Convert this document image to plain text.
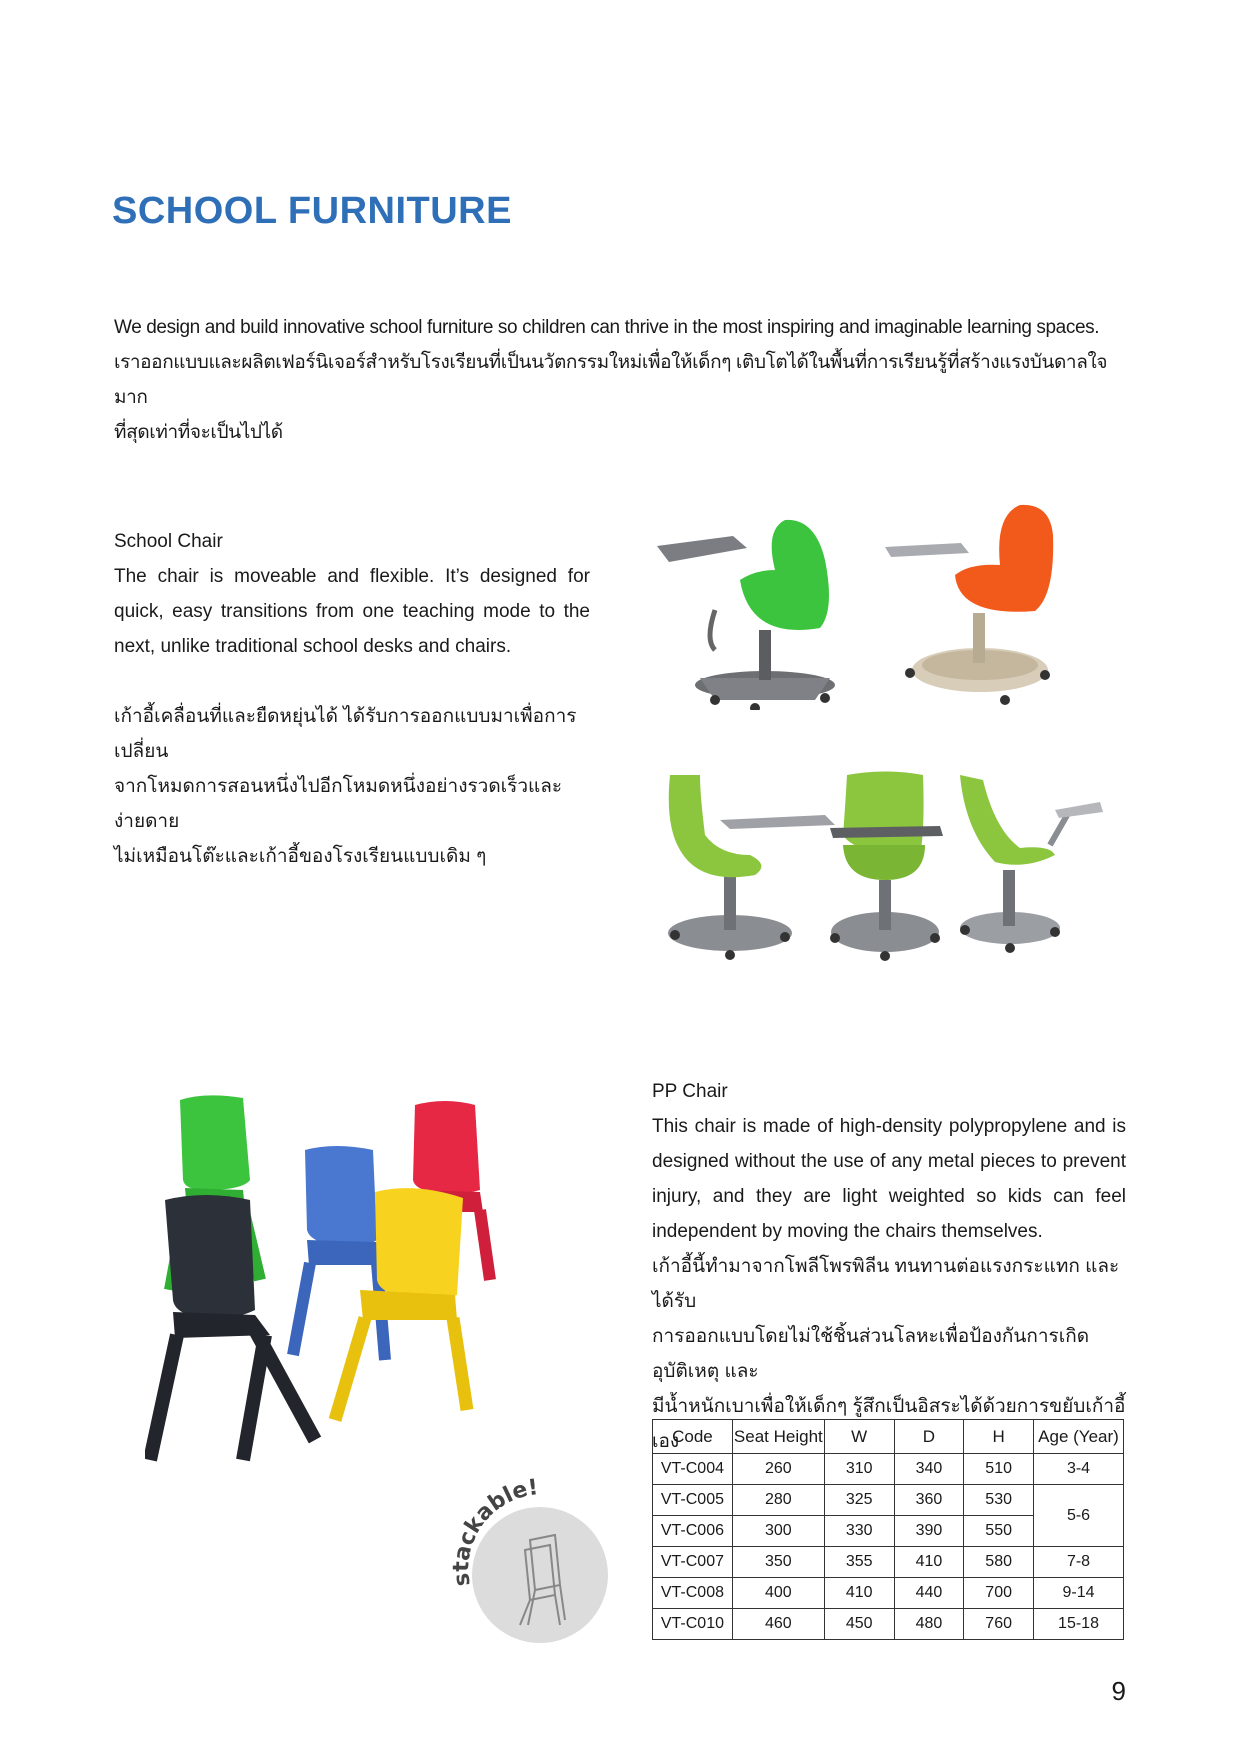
SCHOOL FURNITURE

We design and build innovative school furniture so children can thrive in the most inspiring and imaginable learning spaces.

เราออกแบบและผลิตเฟอร์นิเจอร์สำหรับโรงเรียนที่เป็นนวัตกรรมใหม่เพื่อให้เด็กๆ เติบโตได้ในพื้นที่การเรียนรู้ที่สร้างแรงบันดาลใจมาก

ที่สุดเท่าที่จะเป็นไปได้

School Chair

The chair is moveable and flexible. It’s designed for quick, easy transitions from one teaching mode to the next, unlike traditional school desks and chairs.

เก้าอี้เคลื่อนที่และยืดหยุ่นได้ ได้รับการออกแบบมาเพื่อการเปลี่ยน

จากโหมดการสอนหนึ่งไปอีกโหมดหนึ่งอย่างรวดเร็วและง่ายดาย

ไม่เหมือนโต๊ะและเก้าอี้ของโรงเรียนแบบเดิม ๆ

stackable!

PP Chair

This chair is made of high-density polypropylene and is designed without the use of any metal pieces to prevent injury, and they are light weighted so kids can feel independent by moving the chairs themselves.

เก้าอี้นี้ทำมาจากโพลีโพรพิลีน ทนทานต่อแรงกระแทก และได้รับ

การออกแบบโดยไม่ใช้ชิ้นส่วนโลหะเพื่อป้องกันการเกิดอุบัติเหตุ และ

มีน้ำหนักเบาเพื่อให้เด็กๆ รู้สึกเป็นอิสระได้ด้วยการขยับเก้าอี้เอง

Code	Seat Height	W	D	H	Age (Year)
VT-C004	260	310	340	510	3-4
VT-C005	280	325	360	530	5-6
VT-C006	300	330	390	550	
VT-C007	350	355	410	580	7-8
VT-C008	400	410	440	700	9-14
VT-C010	460	450	480	760	15-18
9
